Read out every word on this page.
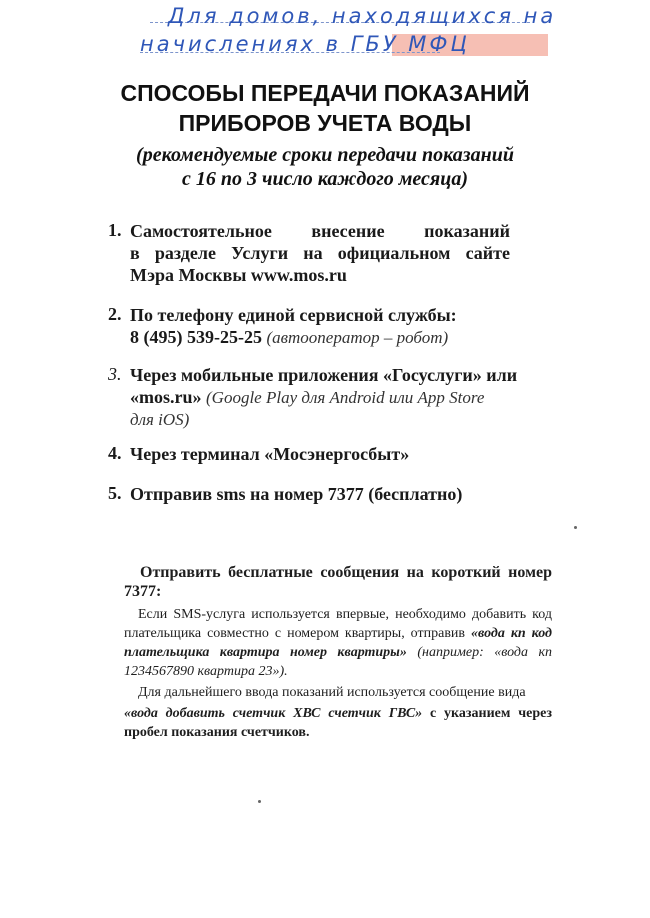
Для домов, находящихся на
начислениях в ГБУ МФЦ
СПОСОБЫ ПЕРЕДАЧИ ПОКАЗАНИЙ
ПРИБОРОВ УЧЕТА ВОДЫ
(рекомендуемые сроки передачи показаний
с 16 по 3 число каждого месяца)
1. Самостоятельное внесение показаний
в разделе Услуги на официальном сайте
Мэра Москвы www.mos.ru
2. По телефону единой сервисной службы:
8 (495) 539-25-25 (автооператор – робот)
3. Через мобильные приложения «Госуслуги» или
«mos.ru» (Google Play для Android или App Store
для iOS)
4. Через терминал «Мосэнергосбыт»
5. Отправив sms на номер 7377 (бесплатно)
Отправить бесплатные сообщения на короткий номер 7377:

Если SMS-услуга используется впервые, необходимо добавить код плательщика совместно с номером квартиры, отправив «вода кп код плательщика квартира номер квартиры» (например: «вода кп 1234567890 квартира 23»).

Для дальнейшего ввода показаний используется сообщение вида

«вода добавить счетчик ХВС счетчик ГВС» с указанием через пробел показания счетчиков.
